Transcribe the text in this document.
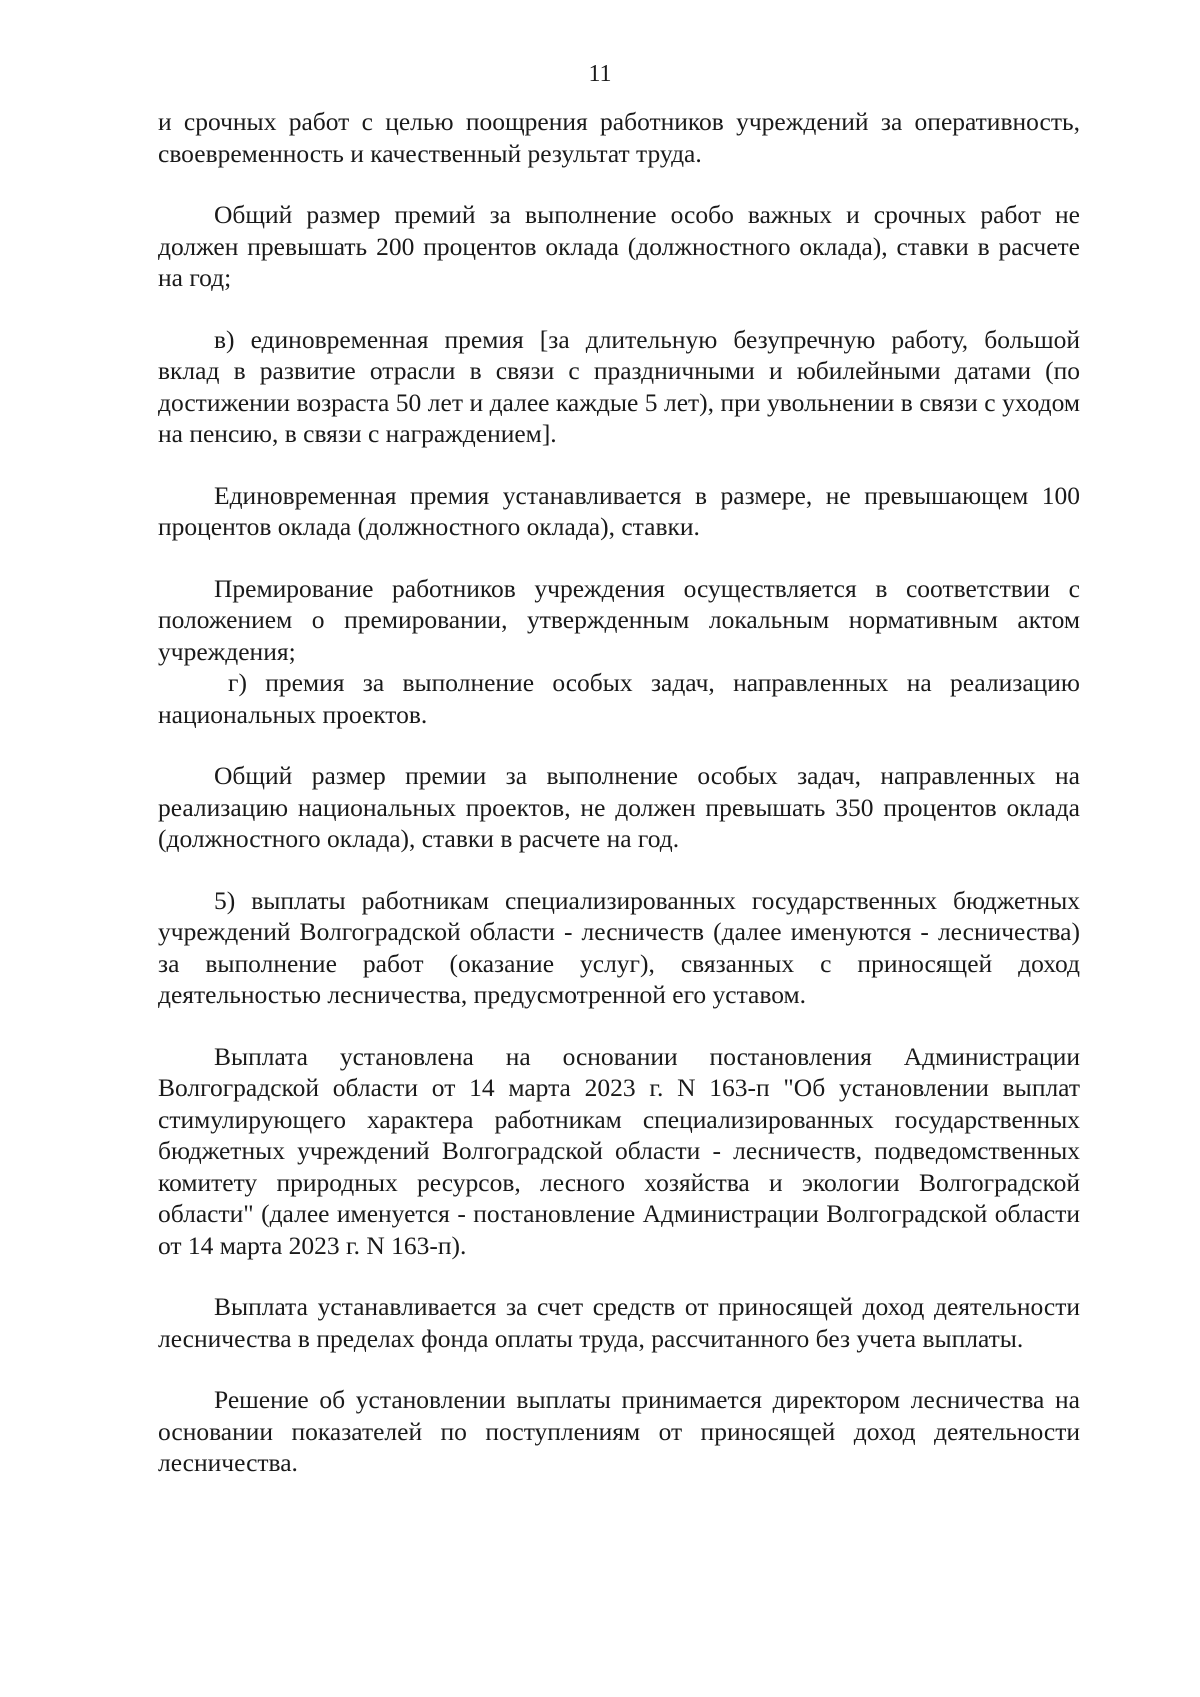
11

и срочных работ с целью поощрения работников учреждений за оперативность, своевременность и качественный результат труда.

Общий размер премий за выполнение особо важных и срочных работ не должен превышать 200 процентов оклада (должностного оклада), ставки в расчете на год;

в) единовременная премия [за длительную безупречную работу, большой вклад в развитие отрасли в связи с праздничными и юбилейными датами (по достижении возраста 50 лет и далее каждые 5 лет), при увольнении в связи с уходом на пенсию, в связи с награждением].

Единовременная премия устанавливается в размере, не превышающем 100 процентов оклада (должностного оклада), ставки.

Премирование работников учреждения осуществляется в соответствии с положением о премировании, утвержденным локальным нормативным актом учреждения;

г) премия за выполнение особых задач, направленных на реализацию национальных проектов.

Общий размер премии за выполнение особых задач, направленных на реализацию национальных проектов, не должен превышать 350 процентов оклада (должностного оклада), ставки в расчете на год.

5) выплаты работникам специализированных государственных бюджетных учреждений Волгоградской области - лесничеств (далее именуются - лесничества) за выполнение работ (оказание услуг), связанных с приносящей доход деятельностью лесничества, предусмотренной его уставом.

Выплата установлена на основании постановления Администрации Волгоградской области от 14 марта 2023 г. N 163-п "Об установлении выплат стимулирующего характера работникам специализированных государственных бюджетных учреждений Волгоградской области - лесничеств, подведомственных комитету природных ресурсов, лесного хозяйства и экологии Волгоградской области" (далее именуется - постановление Администрации Волгоградской области от 14 марта 2023 г. N 163-п).

Выплата устанавливается за счет средств от приносящей доход деятельности лесничества в пределах фонда оплаты труда, рассчитанного без учета выплаты.

Решение об установлении выплаты принимается директором лесничества на основании показателей по поступлениям от приносящей доход деятельности лесничества.
